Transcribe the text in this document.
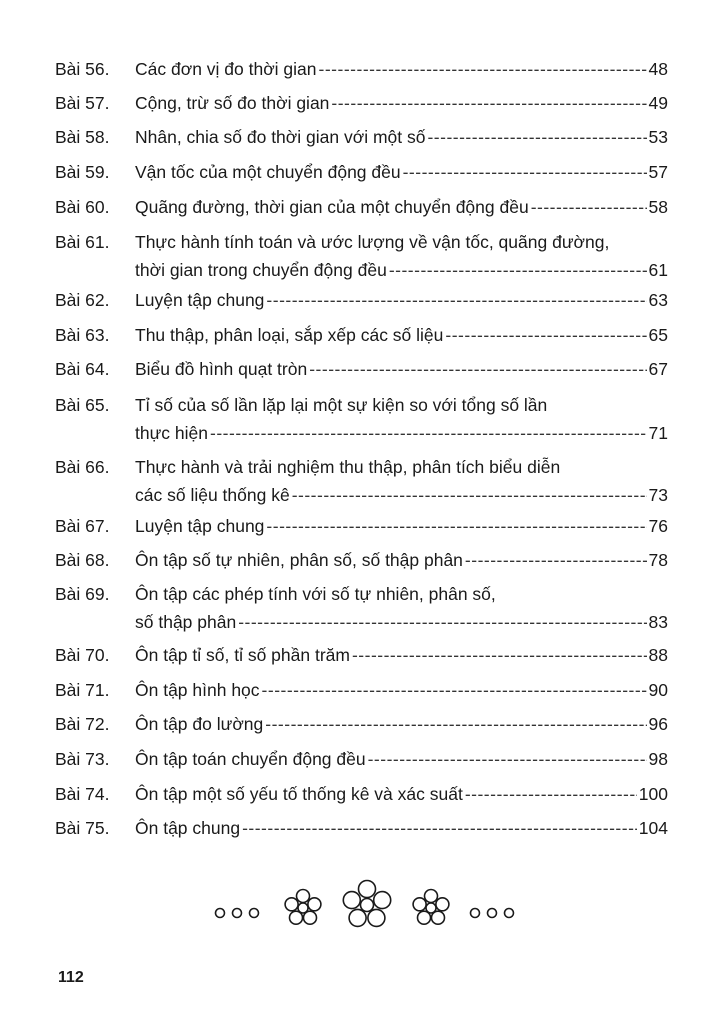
Bài 56.	Các đơn vị đo thời gian -----	48
Bài 57.	Cộng, trừ số đo thời gian -----	49
Bài 58.	Nhân, chia số đo thời gian với một số -----	53
Bài 59.	Vận tốc của một chuyển động đều -----	57
Bài 60.	Quãng đường, thời gian của một chuyển động đều -----	58
Bài 61.	Thực hành tính toán và ước lượng về vận tốc, quãng đường,
thời gian trong chuyển động đều -----	61
Bài 62.	Luyện tập chung -----	63
Bài 63.	Thu thập, phân loại, sắp xếp các số liệu -----	65
Bài 64.	Biểu đồ hình quạt tròn -----	67
Bài 65.	Tỉ số của số lần lặp lại một sự kiện so với tổng số lần
thực hiện -----	71
Bài 66.	Thực hành và trải nghiệm thu thập, phân tích biểu diễn
các số liệu thống kê -----	73
Bài 67.	Luyện tập chung -----	76
Bài 68.	Ôn tập số tự nhiên, phân số, số thập phân -----	78
Bài 69.	Ôn tập các phép tính với số tự nhiên, phân số,
số thập phân -----	83
Bài 70.	Ôn tập tỉ số, tỉ số phần trăm -----	88
Bài 71.	Ôn tập hình học -----	90
Bài 72.	Ôn tập đo lường -----	96
Bài 73.	Ôn tập toán chuyển động đều -----	98
Bài 74.	Ôn tập một số yếu tố thống kê và xác suất -----	100
Bài 75.	Ôn tập chung -----	104
112
